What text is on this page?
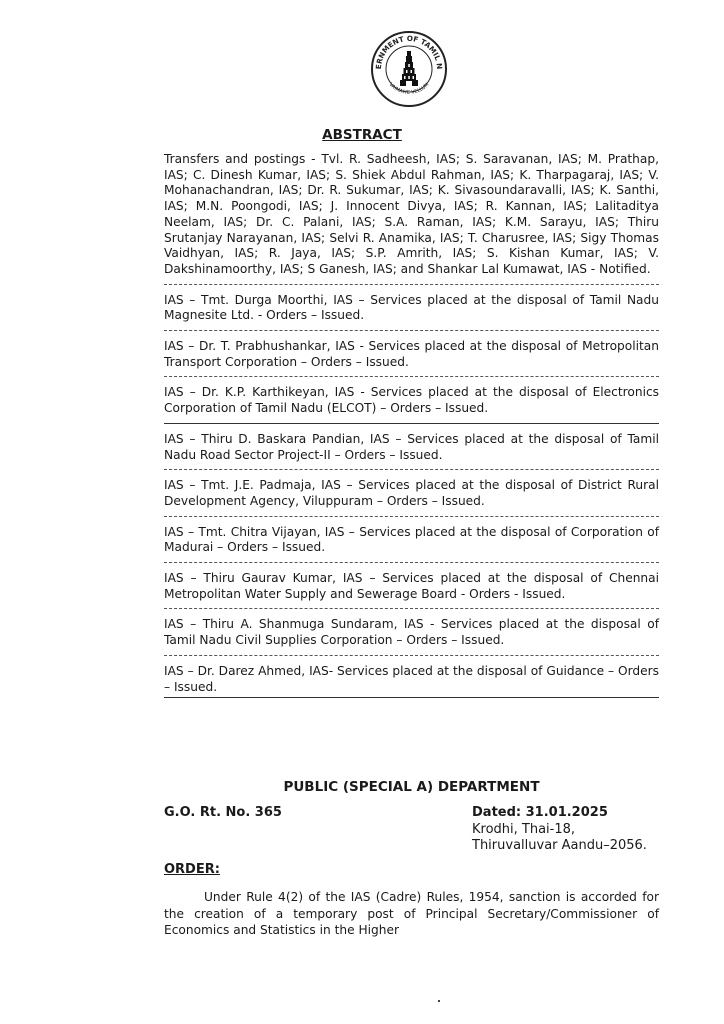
ERNMENT OF TAMIL N
VAIMAIYE VELLUM
ABSTRACT

Transfers and postings - Tvl. R. Sadheesh, IAS; S. Saravanan, IAS; M. Prathap, IAS; C. Dinesh Kumar, IAS; S. Shiek Abdul Rahman, IAS; K. Tharpagaraj, IAS; V. Mohanachandran, IAS; Dr. R. Sukumar, IAS; K. Sivasoundaravalli, IAS; K. Santhi, IAS; M.N. Poongodi, IAS; J. Innocent Divya, IAS; R. Kannan, IAS; Lalitaditya Neelam, IAS; Dr. C. Palani, IAS; S.A. Raman, IAS; K.M. Sarayu, IAS; Thiru Srutanjay Narayanan, IAS; Selvi R. Anamika, IAS; T. Charusree, IAS; Sigy Thomas Vaidhyan, IAS; R. Jaya, IAS; S.P. Amrith, IAS; S. Kishan Kumar, IAS; V. Dakshinamoorthy, IAS; S Ganesh, IAS; and Shankar Lal Kumawat, IAS - Notified.

IAS – Tmt. Durga Moorthi, IAS – Services placed at the disposal of Tamil Nadu Magnesite Ltd. - Orders – Issued.

IAS – Dr. T. Prabhushankar, IAS - Services placed at the disposal of Metropolitan Transport Corporation – Orders – Issued.

IAS – Dr. K.P. Karthikeyan, IAS - Services placed at the disposal of Electronics Corporation of Tamil Nadu (ELCOT) – Orders – Issued.

IAS – Thiru D. Baskara Pandian, IAS – Services placed at the disposal of Tamil Nadu Road Sector Project-II – Orders – Issued.

IAS – Tmt. J.E. Padmaja, IAS – Services placed at the disposal of District Rural Development Agency, Viluppuram – Orders – Issued.

IAS – Tmt. Chitra Vijayan, IAS – Services placed at the disposal of Corporation of Madurai – Orders – Issued.

IAS – Thiru Gaurav Kumar, IAS – Services placed at the disposal of Chennai Metropolitan Water Supply and Sewerage Board - Orders - Issued.

IAS – Thiru A. Shanmuga Sundaram, IAS - Services placed at the disposal of Tamil Nadu Civil Supplies Corporation – Orders – Issued.

IAS – Dr. Darez Ahmed, IAS- Services placed at the disposal of Guidance – Orders – Issued.

PUBLIC (SPECIAL A) DEPARTMENT
G.O. Rt. No. 365	Dated: 31.01.2025
Krodhi, Thai-18,
Thiruvalluvar Aandu–2056.
ORDER:
Under Rule 4(2) of the IAS (Cadre) Rules, 1954, sanction is accorded for the creation of a temporary post of Principal Secretary/Commissioner of Economics and Statistics in the Higher
